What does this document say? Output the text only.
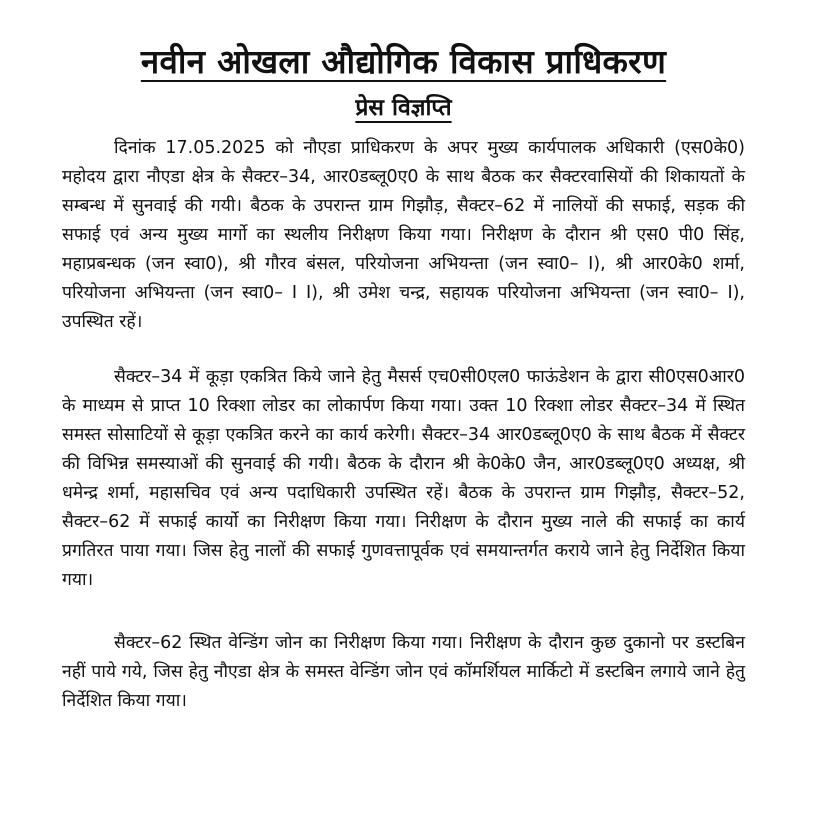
नवीन ओखला औद्योगिक विकास प्राधिकरण
प्रेस विज्ञप्ति

दिनांक 17.05.2025 को नौएडा प्राधिकरण के अपर मुख्य कार्यपालक अधिकारी (एस0के0) महोदय द्वारा नौएडा क्षेत्र के सैक्टर–34, आर0डब्लू0ए0 के साथ बैठक कर सैक्टरवासियों की शिकायतों के सम्बन्ध में सुनवाई की गयी। बैठक के उपरान्त ग्राम गिझौड़, सैक्टर–62 में नालियों की सफाई, सड़क की सफाई एवं अन्य मुख्य मार्गो का स्थलीय निरीक्षण किया गया। निरीक्षण के दौरान श्री एस0 पी0 सिंह, महाप्रबन्धक (जन स्वा0), श्री गौरव बंसल, परियोजना अभियन्ता (जन स्वा0– I), श्री आर0के0 शर्मा, परियोजना अभियन्ता (जन स्वा0– I I), श्री उमेश चन्द्र, सहायक परियोजना अभियन्ता (जन स्वा0– I), उपस्थित रहें।

सैक्टर–34 में कूड़ा एकत्रित किये जाने हेतु मैसर्स एच0सी0एल0 फाऊंडेशन के द्वारा सी0एस0आर0 के माध्यम से प्राप्त 10 रिक्शा लोडर का लोकार्पण किया गया। उक्त 10 रिक्शा लोडर सैक्टर–34 में स्थित समस्त सोसाटियों से कूड़ा एकत्रित करने का कार्य करेगी। सैक्टर–34 आर0डब्लू0ए0 के साथ बैठक में सैक्टर की विभिन्न समस्याओं की सुनवाई की गयी। बैठक के दौरान श्री के0के0 जैन, आर0डब्लू0ए0 अध्यक्ष, श्री धमेन्द्र शर्मा, महासचिव एवं अन्य पदाधिकारी उपस्थित रहें। बैठक के उपरान्त ग्राम गिझौड़, सैक्टर–52, सैक्टर–62 में सफाई कार्यो का निरीक्षण किया गया। निरीक्षण के दौरान मुख्य नाले की सफाई का कार्य प्रगतिरत पाया गया। जिस हेतु नालों की सफाई गुणवत्तापूर्वक एवं समयान्तर्गत कराये जाने हेतु निर्देशित किया गया।

सैक्टर–62 स्थित वेन्डिंग जोन का निरीक्षण किया गया। निरीक्षण के दौरान कुछ दुकानो पर डस्टबिन नहीं पाये गये, जिस हेतु नौएडा क्षेत्र के समस्त वेन्डिंग जोन एवं कॉमर्शियल मार्किटो में डस्टबिन लगाये जाने हेतु निर्देशित किया गया।
